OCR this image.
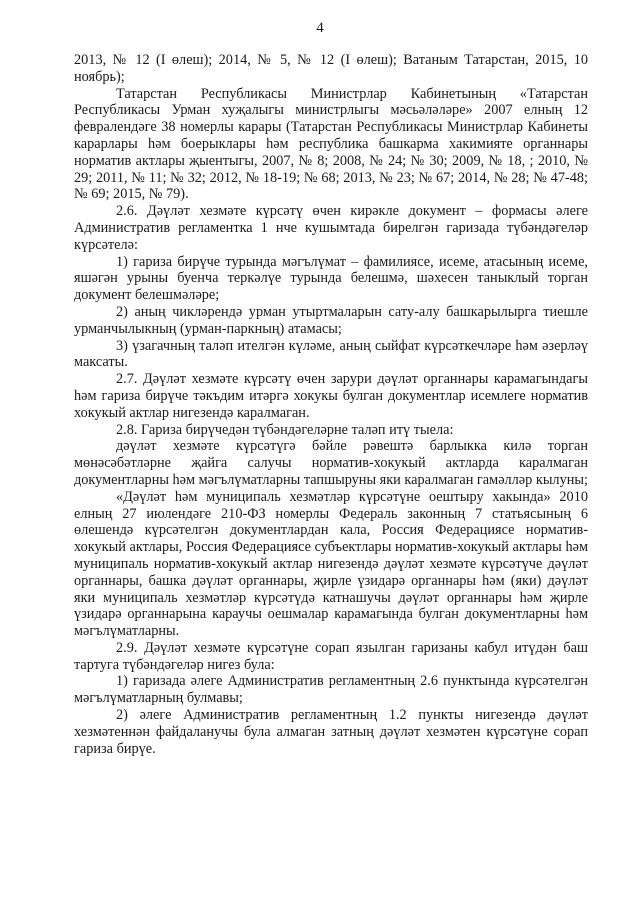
4

2013, № 12 (I өлеш); 2014, № 5, № 12 (I өлеш); Ватаным Татарстан, 2015, 10 ноябрь);

Татарстан Республикасы Министрлар Кабинетының «Татарстан Республикасы Урман хуҗалыгы министрлыгы мәсьәләләре» 2007 елның 12 февралендәге 38 номерлы карары (Татарстан Республикасы Министрлар Кабинеты карарлары һәм боерыклары һәм республика башкарма хакимияте органнары норматив актлары җыентыгы, 2007, № 8; 2008, № 24; № 30; 2009, № 18, ; 2010, № 29; 2011, № 11; № 32; 2012, № 18-19; № 68; 2013, № 23; № 67; 2014, № 28; № 47-48; № 69; 2015, № 79).

2.6. Дәүләт хезмәте күрсәтү өчен кирәкле документ – формасы әлеге Административ регламентка 1 нче кушымтада бирелгән гаризада түбәндәгеләр күрсәтелә:

1) гариза бирүче турында мәгълүмат – фамилиясе, исеме, атасының исеме, яшәгән урыны буенча теркәлүе турында белешмә, шәхесен таныклый торган документ белешмәләре;

2) аның чикләрендә урман утыртмаларын сату-алу башкарылырга тиешле урманчылыкның (урман-паркның) атамасы;

3) үзагачның таләп ителгән күләме, аның сыйфат күрсәткечләре һәм әзерләү максаты.

2.7. Дәүләт хезмәте күрсәтү өчен зарури дәүләт органнары карамагындагы һәм гариза бирүче тәкъдим итәргә хокукы булган документлар исемлеге норматив хокукый актлар нигезендә каралмаган.

2.8. Гариза бирүчедән түбәндәгеләрне таләп итү тыела:

дәүләт хезмәте күрсәтүгә бәйле рәвештә барлыкка килә торган мөнәсәбәтләрне җайга салучы норматив-хокукый актларда каралмаган документларны һәм мәгълүматларны тапшыруны яки каралмаган гамәлләр кылуны;

«Дәүләт һәм муниципаль хезмәтләр күрсәтүне оештыру хакында» 2010 елның 27 июлендәге 210-ФЗ номерлы Федераль законның 7 статьясының 6 өлешендә күрсәтелгән документлардан кала, Россия Федерациясе норматив-хокукый актлары, Россия Федерациясе субъектлары норматив-хокукый актлары һәм муниципаль норматив-хокукый актлар нигезендә дәүләт хезмәте күрсәтүче дәүләт органнары, башка дәүләт органнары, җирле үзидарә органнары һәм (яки) дәүләт яки муниципаль хезмәтләр күрсәтүдә катнашучы дәүләт органнары һәм җирле үзидарә органнарына караучы оешмалар карамагында булган документларны һәм мәгълүматларны.

2.9. Дәүләт хезмәте күрсәтүне сорап язылган гаризаны кабул итүдән баш тартуга түбәндәгеләр нигез була:

1) гаризада әлеге Административ регламентның 2.6 пунктында күрсәтелгән мәгълүматларның булмавы;

2) әлеге Административ регламентның 1.2 пункты нигезендә дәүләт хезмәтеннән файдаланучы була алмаган затның дәүләт хезмәтен күрсәтүне сорап гариза бирүе.
